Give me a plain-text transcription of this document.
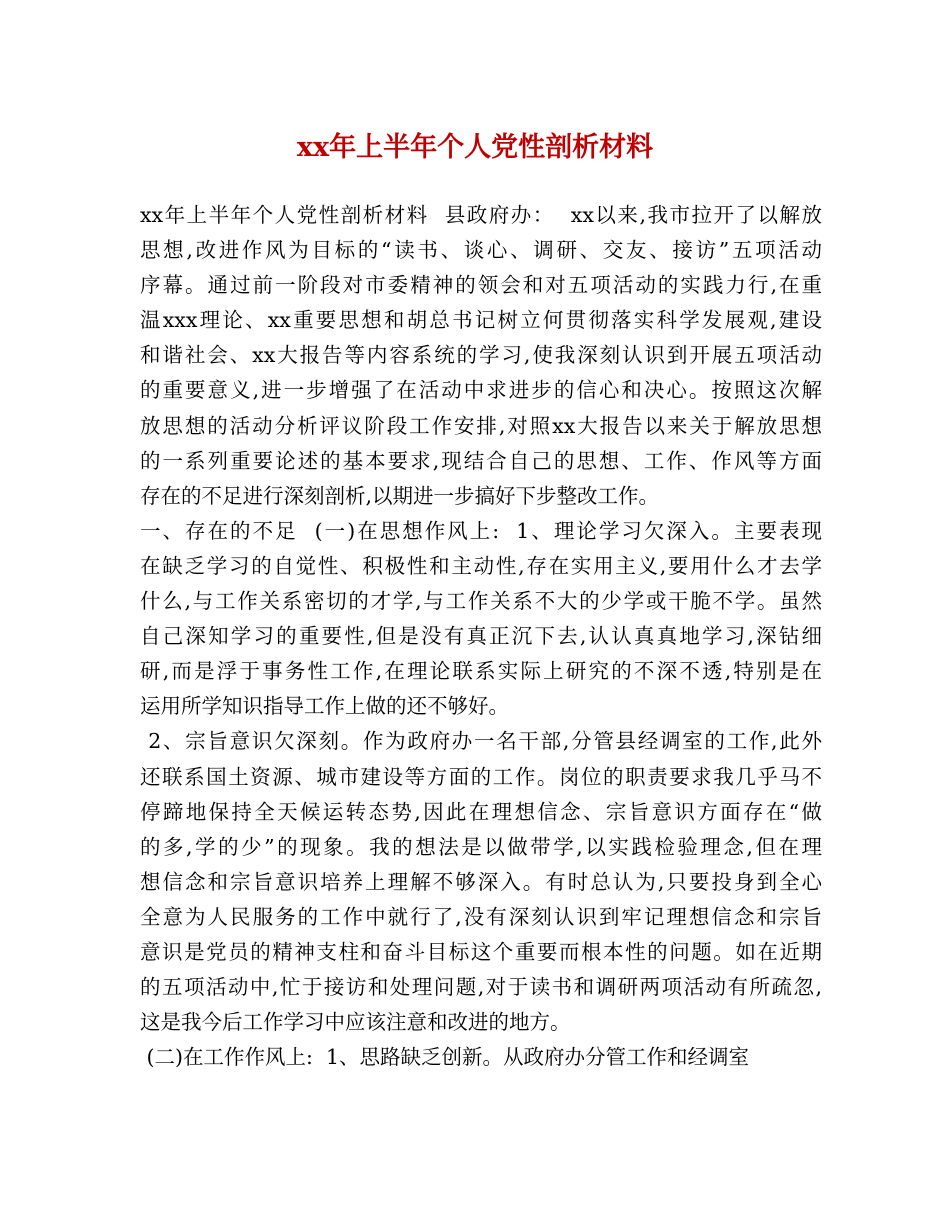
xx年上半年个人党性剖析材料
xx年上半年个人党性剖析材料  县政府办：  xx以来,我市拉开了以解放
思想,改进作风为目标的“读书、谈心、调研、交友、接访”五项活动
序幕。通过前一阶段对市委精神的领会和对五项活动的实践力行,在重
温xxx理论、xx重要思想和胡总书记树立何贯彻落实科学发展观,建设
和谐社会、xx大报告等内容系统的学习,使我深刻认识到开展五项活动
的重要意义,进一步增强了在活动中求进步的信心和决心。按照这次解
放思想的活动分析评议阶段工作安排,对照xx大报告以来关于解放思想
的一系列重要论述的基本要求,现结合自己的思想、工作、作风等方面
存在的不足进行深刻剖析,以期进一步搞好下步整改工作。
一、存在的不足  (一)在思想作风上:  1、理论学习欠深入。主要表现
在缺乏学习的自觉性、积极性和主动性,存在实用主义,要用什么才去学
什么,与工作关系密切的才学,与工作关系不大的少学或干脆不学。虽然
自己深知学习的重要性,但是没有真正沉下去,认认真真地学习,深钻细
研,而是浮于事务性工作,在理论联系实际上研究的不深不透,特别是在
运用所学知识指导工作上做的还不够好。
2、宗旨意识欠深刻。作为政府办一名干部,分管县经调室的工作,此外
还联系国土资源、城市建设等方面的工作。岗位的职责要求我几乎马不
停蹄地保持全天候运转态势,因此在理想信念、宗旨意识方面存在“做
的多,学的少”的现象。我的想法是以做带学,以实践检验理念,但在理
想信念和宗旨意识培养上理解不够深入。有时总认为,只要投身到全心
全意为人民服务的工作中就行了,没有深刻认识到牢记理想信念和宗旨
意识是党员的精神支柱和奋斗目标这个重要而根本性的问题。如在近期
的五项活动中,忙于接访和处理问题,对于读书和调研两项活动有所疏忽,
这是我今后工作学习中应该注意和改进的地方。
(二)在工作作风上:  1、思路缺乏创新。从政府办分管工作和经调室
